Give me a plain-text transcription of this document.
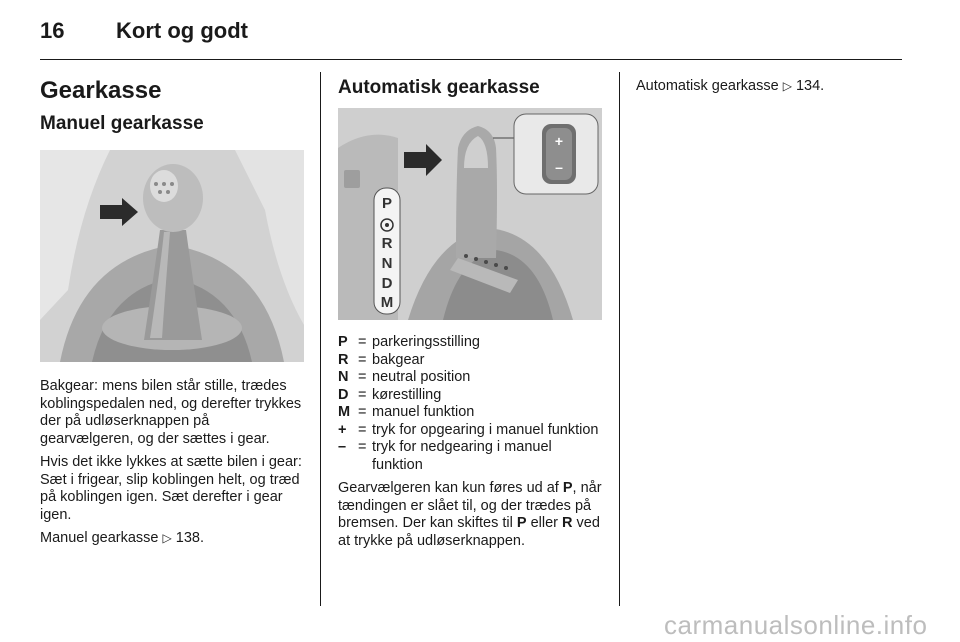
16 Kort og godt
Gearkasse
Manuel gearkasse

Bakgear: mens bilen står stille, trædes koblingspedalen ned, og derefter trykkes der på udløserknappen på gearvælgeren, og der sættes i gear.

Hvis det ikke lykkes at sætte bilen i gear: Sæt i frigear, slip koblingen helt, og træd på koblingen igen. Sæt derefter i gear igen.

Manuel gearkasse ▷ 138.

Automatisk gearkasse
P
R
N
D
M
+
–
P = parkeringsstilling
R = bakgear
N = neutral position
D = kørestilling
M = manuel funktion
+ = tryk for opgearing i manuel funktion
– = tryk for nedgearing i manuel funktion

Gearvælgeren kan kun føres ud af P, når tændingen er slået til, og der trædes på bremsen. Der kan skiftes til P eller R ved at trykke på udløserknappen.

Automatisk gearkasse ▷ 134.

carmanualsonline.info
